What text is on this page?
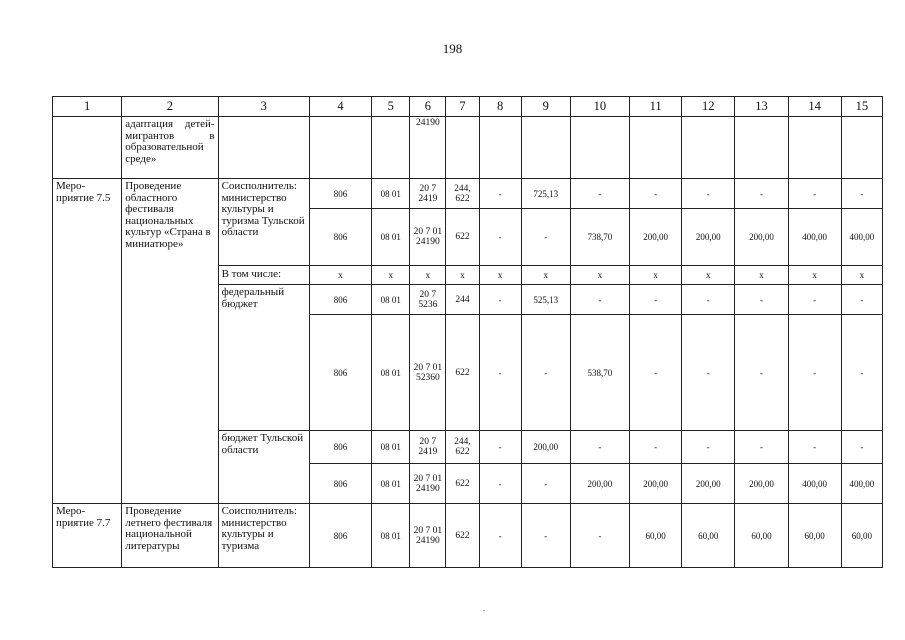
198
1	2	3	4	5	6	7	8	9	10	11	12	13	14	15
	адаптация детей-мигрантов в образовательной среде»				24190									
Меро-приятие 7.5	Проведение областного фестиваля национальных культур «Страна в миниатюре»	Соисполнитель: министерство культуры и туризма Тульской области	806	08 01	20 7 2419	244, 622	-	725,13	-	-	-	-	-	-
			806	08 01	20 7 01 24190	622	-	-	738,70	200,00	200,00	200,00	400,00	400,00
		В том числе:	х	х	х	х	х	х	х	х	х	х	х	х
		федеральный бюджет	806	08 01	20 7 5236	244	-	525,13	-	-	-	-	-	-
			806	08 01	20 7 01 52360	622	-	-	538,70	-	-	-	-	-
		бюджет Тульской области	806	08 01	20 7 2419	244, 622	-	200,00	-	-	-	-	-	-
			806	08 01	20 7 01 24190	622	-	-	200,00	200,00	200,00	200,00	400,00	400,00
Меро-приятие 7.7	Проведение летнего фестиваля национальной литературы	Соисполнитель: министерство культуры и туризма	806	08 01	20 7 01 24190	622	-	-	-	60,00	60,00	60,00	60,00	60,00
